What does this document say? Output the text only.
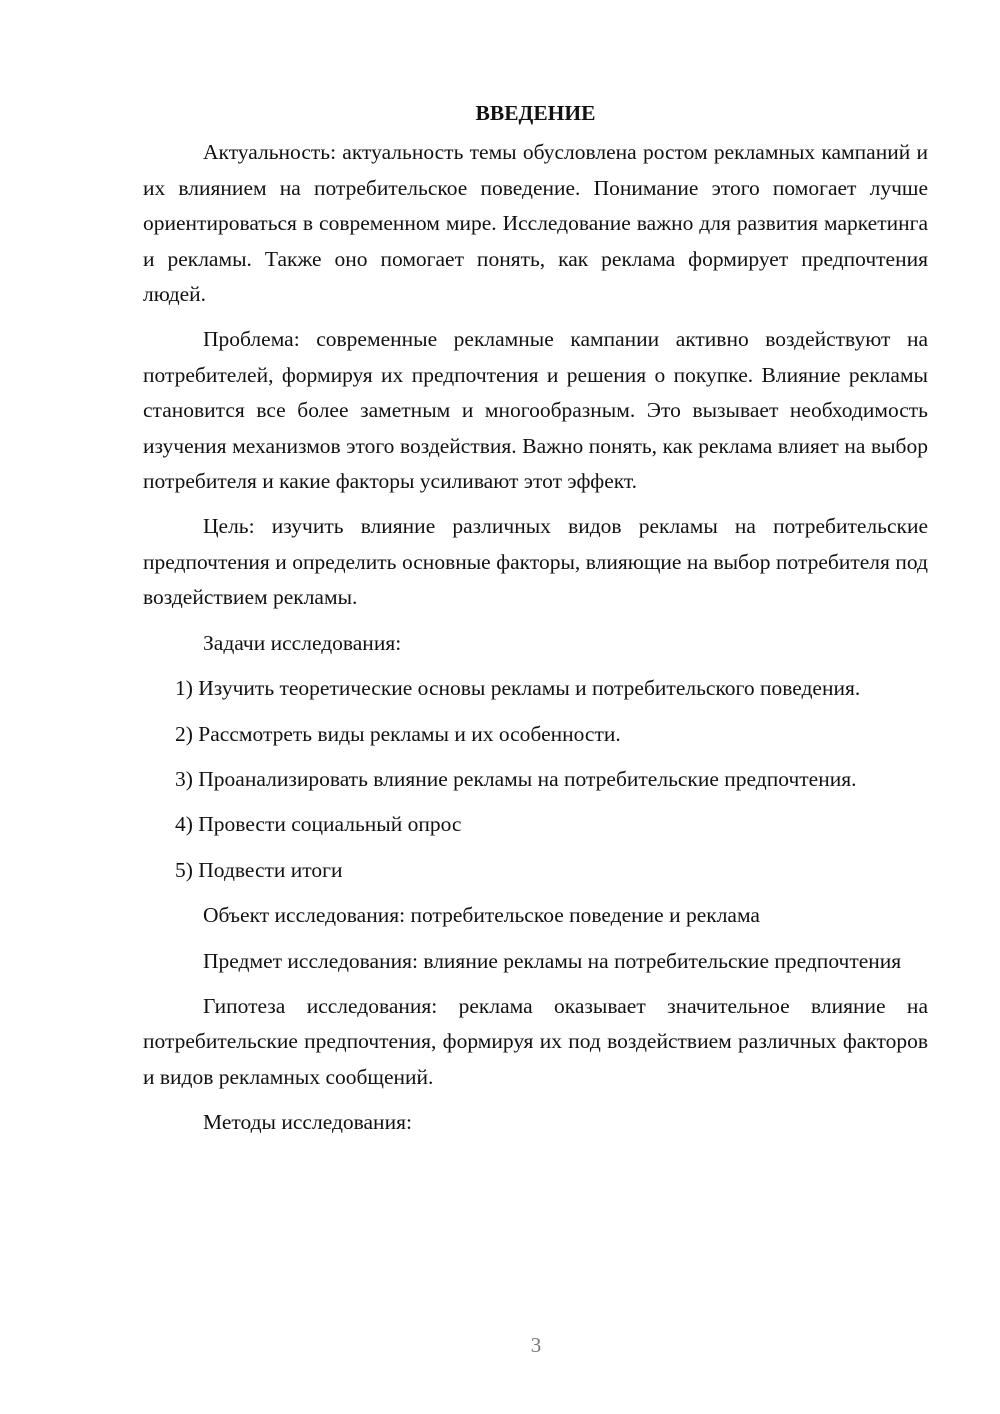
ВВЕДЕНИЕ

Актуальность: актуальность темы обусловлена ростом рекламных кампаний и их влиянием на потребительское поведение. Понимание этого помогает лучше ориентироваться в современном мире. Исследование важно для развития маркетинга и рекламы. Также оно помогает понять, как реклама формирует предпочтения людей.

Проблема: современные рекламные кампании активно воздействуют на потребителей, формируя их предпочтения и решения о покупке. Влияние рекламы становится все более заметным и многообразным. Это вызывает необходимость изучения механизмов этого воздействия. Важно понять, как реклама влияет на выбор потребителя и какие факторы усиливают этот эффект.

Цель: изучить влияние различных видов рекламы на потребительские предпочтения и определить основные факторы, влияющие на выбор потребителя под воздействием рекламы.

Задачи исследования:

1) Изучить теоретические основы рекламы и потребительского поведения.

2) Рассмотреть виды рекламы и их особенности.

3) Проанализировать влияние рекламы на потребительские предпочтения.

4) Провести социальный опрос

5) Подвести итоги

Объект исследования: потребительское поведение и реклама

Предмет исследования: влияние рекламы на потребительские предпочтения

Гипотеза исследования: реклама оказывает значительное влияние на потребительские предпочтения, формируя их под воздействием различных факторов и видов рекламных сообщений.

Методы исследования:

3
